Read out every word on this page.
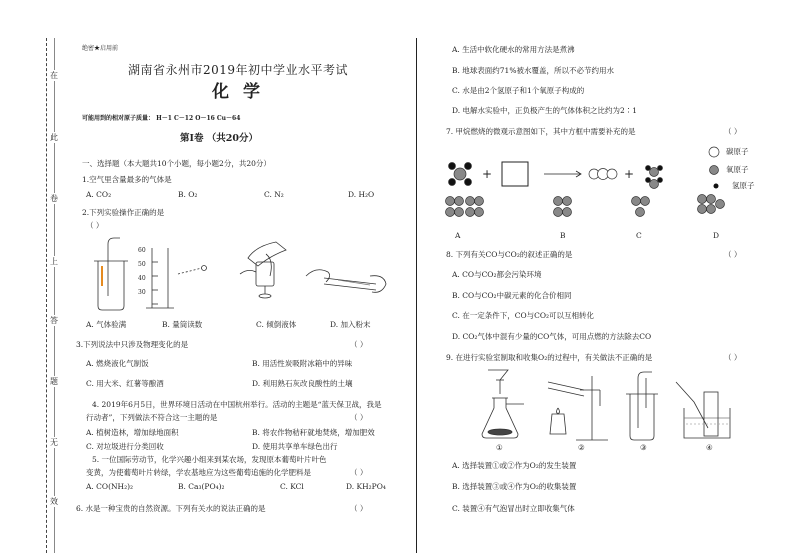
在
此
卷
上
答
题
无
效
绝密★启用前
湖南省永州市2019年初中学业水平考试
化学
可能用到的相对原子质量： H－1 C－12 O－16 Cu－64
第Ⅰ卷 （共20分）
一、选择题（本大题共10个小题，每小题2分，共20分）
1.空气里含量最多的气体是
A. CO₂	B. O₂	C. N₂	D. H₂O
2.下列实验操作正确的是
（ ）
60
50
40
30
A. 气体验满	B. 量筒读数	C. 倾倒液体	D. 加入粉末
3.下列说法中只涉及物理变化的是	（ ）
A. 燃烧液化气制饭	B. 用活性炭吸附冰箱中的异味
C. 用大米、红薯等酿酒	D. 利用熟石灰改良酸性的土壤
4. 2019年6月5日，世界环境日活动在中国杭州举行。活动的主题是“蓝天保卫战，我是
行动者”，下列做法不符合这一主题的是	（ ）
A. 植树造林，增加绿地面积	B. 将农作物秸秆就地焚烧，增加肥效
C. 对垃圾进行分类回收	D. 使用共享单车绿色出行
5. 一位国际劳动节，化学兴趣小组来到某农场，发现原本葡萄叶片叶色
变黄，为使葡萄叶片转绿，学农基地应为这些葡萄追施的化学肥料是	（ ）
A. CO(NH₂)₂	B. Ca₃(PO₄)₂	C. KCl	D. KH₂PO₄
6. 水是一种宝贵的自然资源。下列有关水的说法正确的是	（ ）
A. 生活中软化硬水的常用方法是煮沸
B. 地球表面约71%被水覆盖，所以不必节约用水
C. 水是由2个氢原子和1个氧原子构成的
D. 电解水实验中，正负极产生的气体体积之比约为2∶1
7. 甲烷燃烧的微观示意图如下，其中方框中需要补充的是	（ ）
+	+
碳原子
氧原子
氢原子
A	B	C	D
8. 下列有关CO与CO₂的叙述正确的是	（ ）
A. CO与CO₂都会污染环境
B. CO与CO₂中碳元素的化合价相同
C. 在一定条件下，CO与CO₂可以互相转化
D. CO₂气体中混有少量的CO气体，可用点燃的方法除去CO
9. 在进行实验室制取和收集O₂的过程中，有关做法不正确的是	（ ）
①	②	③	④
A. 选择装置①或②作为O₂的发生装置
B. 选择装置③或④作为O₂的收集装置
C. 装置④有气泡冒出时立即收集气体
